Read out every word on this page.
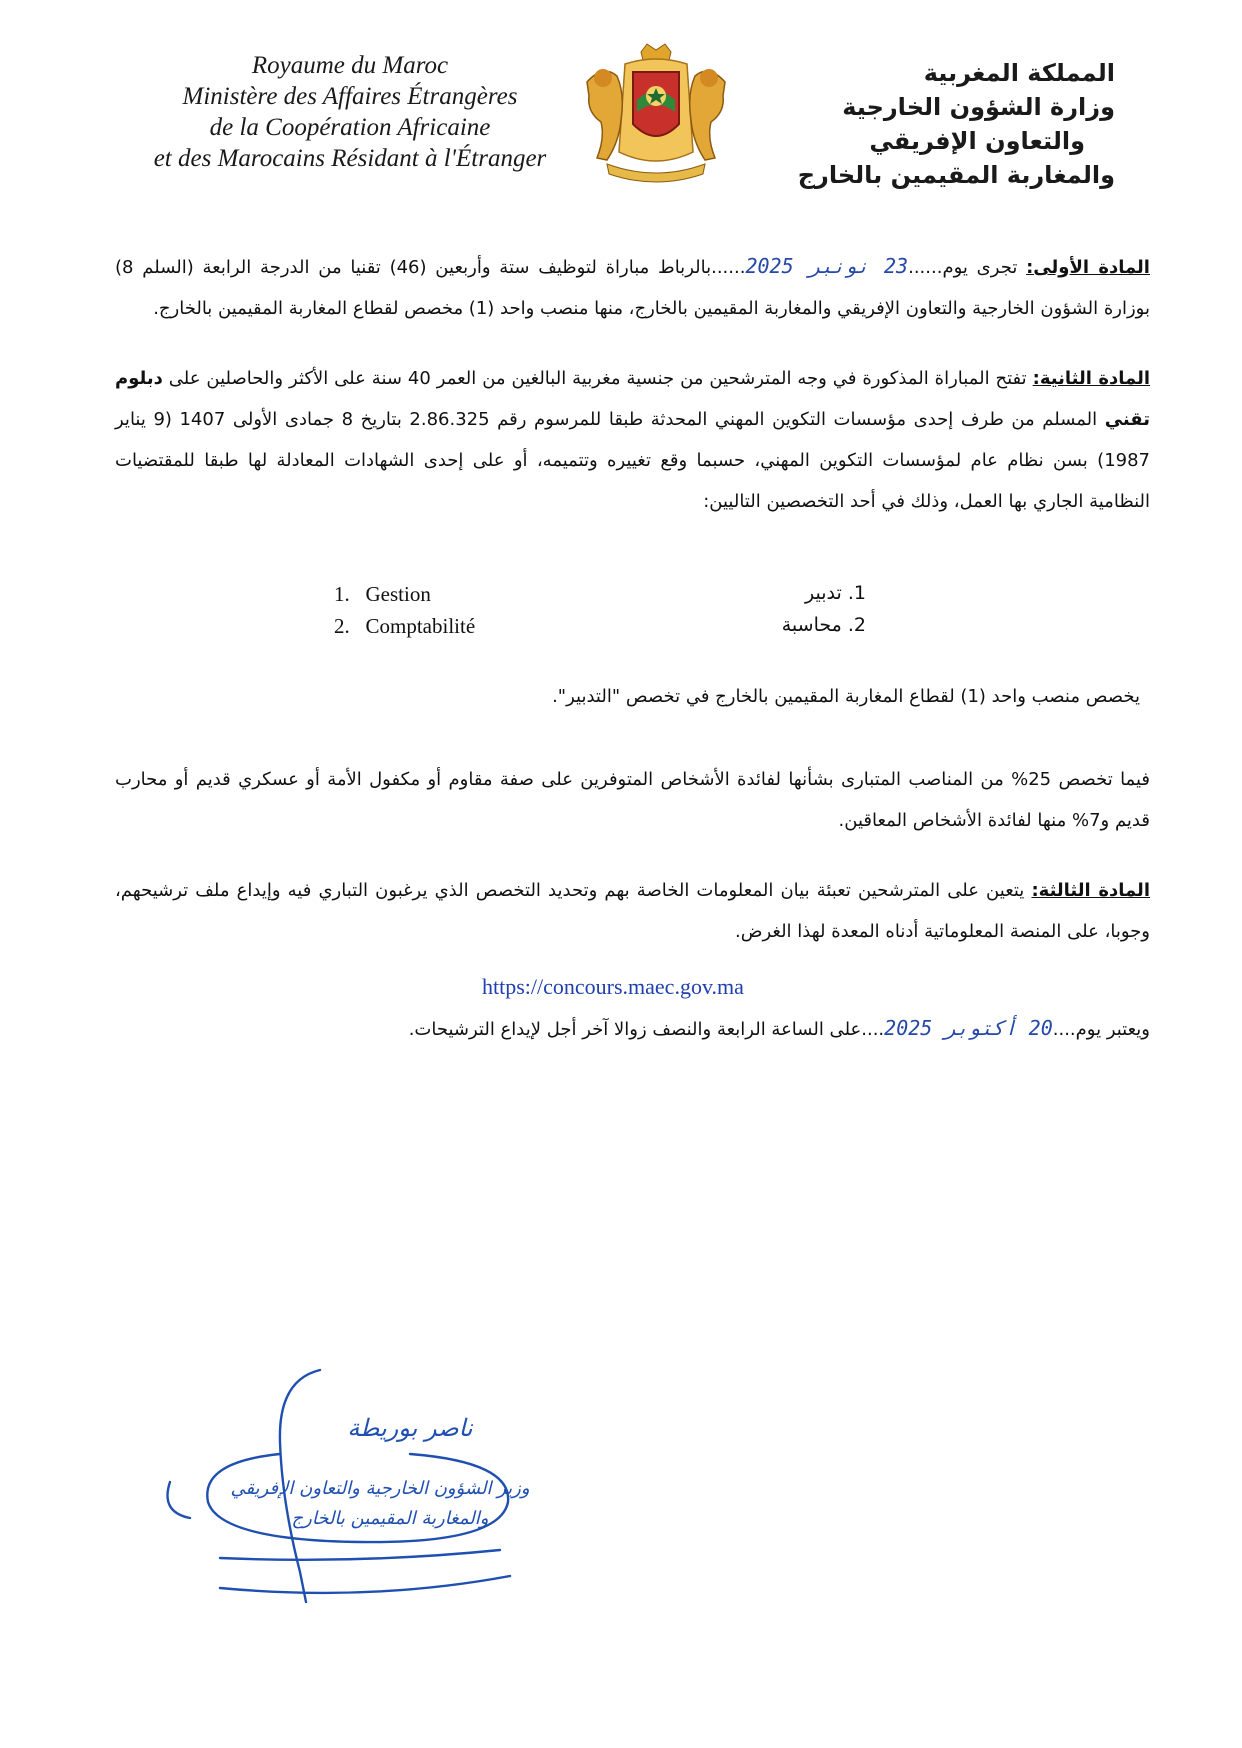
Royaume du Maroc
Ministère des Affaires Étrangères
de la Coopération Africaine
et des Marocains Résidant à l'Étranger
المملكة المغربية
وزارة الشؤون الخارجية
والتعاون الإفريقي
والمغاربة المقيمين بالخارج
المادة الأولى: تجرى يوم......23 نونبر 2025......بالرباط مباراة لتوظيف ستة وأربعين (46) تقنيا من الدرجة الرابعة (السلم 8) بوزارة الشؤون الخارجية والتعاون الإفريقي والمغاربة المقيمين بالخارج، منها منصب واحد (1) مخصص لقطاع المغاربة المقيمين بالخارج.
المادة الثانية: تفتح المباراة المذكورة في وجه المترشحين من جنسية مغربية البالغين من العمر 40 سنة على الأكثر والحاصلين على دبلوم تقني المسلم من طرف إحدى مؤسسات التكوين المهني المحدثة طبقا للمرسوم رقم 2.86.325 بتاريخ 8 جمادى الأولى 1407 (9 يناير 1987) بسن نظام عام لمؤسسات التكوين المهني، حسبما وقع تغييره وتتميمه، أو على إحدى الشهادات المعادلة لها طبقا للمقتضيات النظامية الجاري بها العمل، وذلك في أحد التخصصين التاليين:
1. تدبير
2. محاسبة
1.   Gestion
2.   Comptabilité
يخصص منصب واحد (1) لقطاع المغاربة المقيمين بالخارج في تخصص "التدبير".
فيما تخصص 25% من المناصب المتبارى بشأنها لفائدة الأشخاص المتوفرين على صفة مقاوم أو مكفول الأمة أو عسكري قديم أو محارب قديم و7% منها لفائدة الأشخاص المعاقين.
المادة الثالثة: يتعين على المترشحين تعبئة بيان المعلومات الخاصة بهم وتحديد التخصص الذي يرغبون التباري فيه وإيداع ملف ترشيحهم، وجوبا، على المنصة المعلوماتية أدناه المعدة لهذا الغرض.
https://concours.maec.gov.ma
ويعتبر يوم....20 أكتوبر 2025....على الساعة الرابعة والنصف زوالا آخر أجل لإيداع الترشيحات.
ناصر بوريطة
وزير الشؤون الخارجية والتعاون الإفريقي
والمغاربة المقيمين بالخارج
